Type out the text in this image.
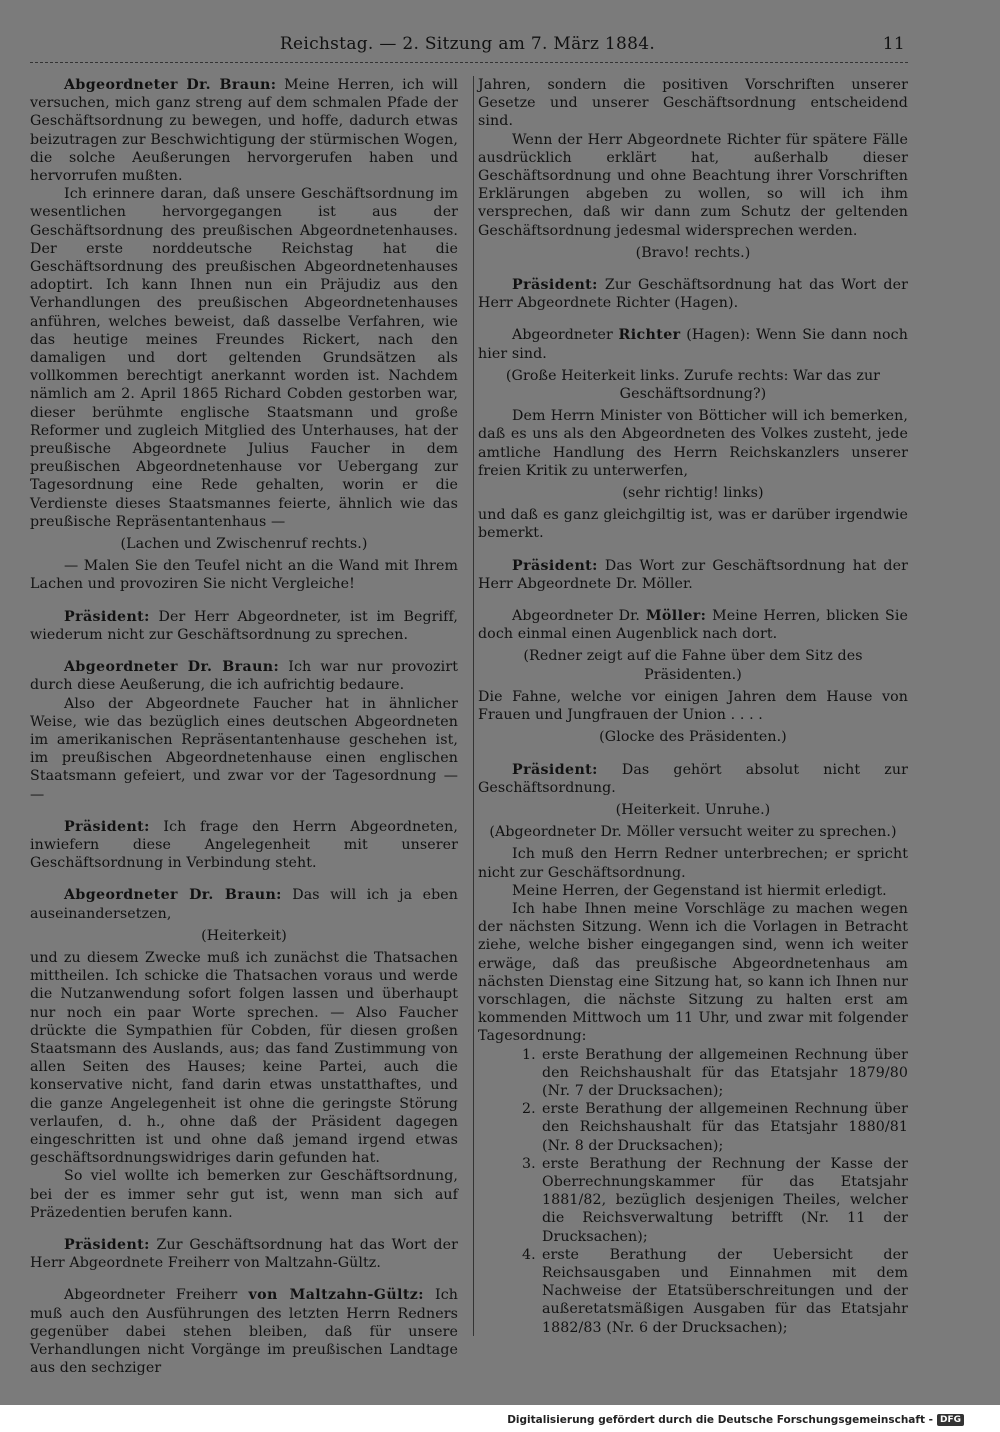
Reichstag. — 2. Sitzung am 7. März 1884.	11

Abgeordneter Dr. Braun: Meine Herren, ich will versuchen, mich ganz streng auf dem schmalen Pfade der Geschäftsordnung zu bewegen, und hoffe, dadurch etwas beizutragen zur Beschwichtigung der stürmischen Wogen, die solche Aeußerungen hervorgerufen haben und hervorrufen mußten.

Ich erinnere daran, daß unsere Geschäftsordnung im wesentlichen hervorgegangen ist aus der Geschäftsordnung des preußischen Abgeordnetenhauses. Der erste norddeutsche Reichstag hat die Geschäftsordnung des preußischen Abgeordnetenhauses adoptirt. Ich kann Ihnen nun ein Präjudiz aus den Verhandlungen des preußischen Abgeordnetenhauses anführen, welches beweist, daß dasselbe Verfahren, wie das heutige meines Freundes Rickert, nach den damaligen und dort geltenden Grundsätzen als vollkommen berechtigt anerkannt worden ist. Nachdem nämlich am 2. April 1865 Richard Cobden gestorben war, dieser berühmte englische Staatsmann und große Reformer und zugleich Mitglied des Unterhauses, hat der preußische Abgeordnete Julius Faucher in dem preußischen Abgeordnetenhause vor Uebergang zur Tagesordnung eine Rede gehalten, worin er die Verdienste dieses Staatsmannes feierte, ähnlich wie das preußische Repräsentantenhaus —

(Lachen und Zwischenruf rechts.)

— Malen Sie den Teufel nicht an die Wand mit Ihrem Lachen und provoziren Sie nicht Vergleiche!

Präsident: Der Herr Abgeordneter, ist im Begriff, wiederum nicht zur Geschäftsordnung zu sprechen.

Abgeordneter Dr. Braun: Ich war nur provozirt durch diese Aeußerung, die ich aufrichtig bedaure.

Also der Abgeordnete Faucher hat in ähnlicher Weise, wie das bezüglich eines deutschen Abgeordneten im amerikanischen Repräsentantenhause geschehen ist, im preußischen Abgeordnetenhause einen englischen Staatsmann gefeiert, und zwar vor der Tagesordnung — —

Präsident: Ich frage den Herrn Abgeordneten, inwiefern diese Angelegenheit mit unserer Geschäftsordnung in Verbindung steht.

Abgeordneter Dr. Braun: Das will ich ja eben auseinandersetzen,

(Heiterkeit)

und zu diesem Zwecke muß ich zunächst die Thatsachen mittheilen. Ich schicke die Thatsachen voraus und werde die Nutzanwendung sofort folgen lassen und überhaupt nur noch ein paar Worte sprechen. — Also Faucher drückte die Sympathien für Cobden, für diesen großen Staatsmann des Auslands, aus; das fand Zustimmung von allen Seiten des Hauses; keine Partei, auch die konservative nicht, fand darin etwas unstatthaftes, und die ganze Angelegenheit ist ohne die geringste Störung verlaufen, d. h., ohne daß der Präsident dagegen eingeschritten ist und ohne daß jemand irgend etwas geschäftsordnungswidriges darin gefunden hat.

So viel wollte ich bemerken zur Geschäftsordnung, bei der es immer sehr gut ist, wenn man sich auf Präzedentien berufen kann.

Präsident: Zur Geschäftsordnung hat das Wort der Herr Abgeordnete Freiherr von Maltzahn-Gültz.

Abgeordneter Freiherr von Maltzahn-Gültz: Ich muß auch den Ausführungen des letzten Herrn Redners gegenüber dabei stehen bleiben, daß für unsere Verhandlungen nicht Vorgänge im preußischen Landtage aus den sechziger

Jahren, sondern die positiven Vorschriften unserer Gesetze und unserer Geschäftsordnung entscheidend sind.

Wenn der Herr Abgeordnete Richter für spätere Fälle ausdrücklich erklärt hat, außerhalb dieser Geschäftsordnung und ohne Beachtung ihrer Vorschriften Erklärungen abgeben zu wollen, so will ich ihm versprechen, daß wir dann zum Schutz der geltenden Geschäftsordnung jedesmal widersprechen werden.

(Bravo! rechts.)

Präsident: Zur Geschäftsordnung hat das Wort der Herr Abgeordnete Richter (Hagen).

Abgeordneter Richter (Hagen): Wenn Sie dann noch hier sind.

(Große Heiterkeit links. Zurufe rechts: War das zur Geschäftsordnung?)

Dem Herrn Minister von Bötticher will ich bemerken, daß es uns als den Abgeordneten des Volkes zusteht, jede amtliche Handlung des Herrn Reichskanzlers unserer freien Kritik zu unterwerfen,

(sehr richtig! links)

und daß es ganz gleichgiltig ist, was er darüber irgendwie bemerkt.

Präsident: Das Wort zur Geschäftsordnung hat der Herr Abgeordnete Dr. Möller.

Abgeordneter Dr. Möller: Meine Herren, blicken Sie doch einmal einen Augenblick nach dort.

(Redner zeigt auf die Fahne über dem Sitz des Präsidenten.)

Die Fahne, welche vor einigen Jahren dem Hause von Frauen und Jungfrauen der Union . . . .

(Glocke des Präsidenten.)

Präsident: Das gehört absolut nicht zur Geschäftsordnung.

(Heiterkeit. Unruhe.)

(Abgeordneter Dr. Möller versucht weiter zu sprechen.)

Ich muß den Herrn Redner unterbrechen; er spricht nicht zur Geschäftsordnung.

Meine Herren, der Gegenstand ist hiermit erledigt.

Ich habe Ihnen meine Vorschläge zu machen wegen der nächsten Sitzung. Wenn ich die Vorlagen in Betracht ziehe, welche bisher eingegangen sind, wenn ich weiter erwäge, daß das preußische Abgeordnetenhaus am nächsten Dienstag eine Sitzung hat, so kann ich Ihnen nur vorschlagen, die nächste Sitzung zu halten erst am kommenden Mittwoch um 11 Uhr, und zwar mit folgender Tagesordnung:

1. erste Berathung der allgemeinen Rechnung über den Reichshaushalt für das Etatsjahr 1879/80 (Nr. 7 der Drucksachen);
2. erste Berathung der allgemeinen Rechnung über den Reichshaushalt für das Etatsjahr 1880/81 (Nr. 8 der Drucksachen);
3. erste Berathung der Rechnung der Kasse der Oberrechnungskammer für das Etatsjahr 1881/82, bezüglich desjenigen Theiles, welcher die Reichsverwaltung betrifft (Nr. 11 der Drucksachen);
4. erste Berathung der Uebersicht der Reichsausgaben und Einnahmen mit dem Nachweise der Etatsüberschreitungen und der außeretatsmäßigen Ausgaben für das Etatsjahr 1882/83 (Nr. 6 der Drucksachen);
Digitalisierung gefördert durch die Deutsche Forschungsgemeinschaft - DFG
